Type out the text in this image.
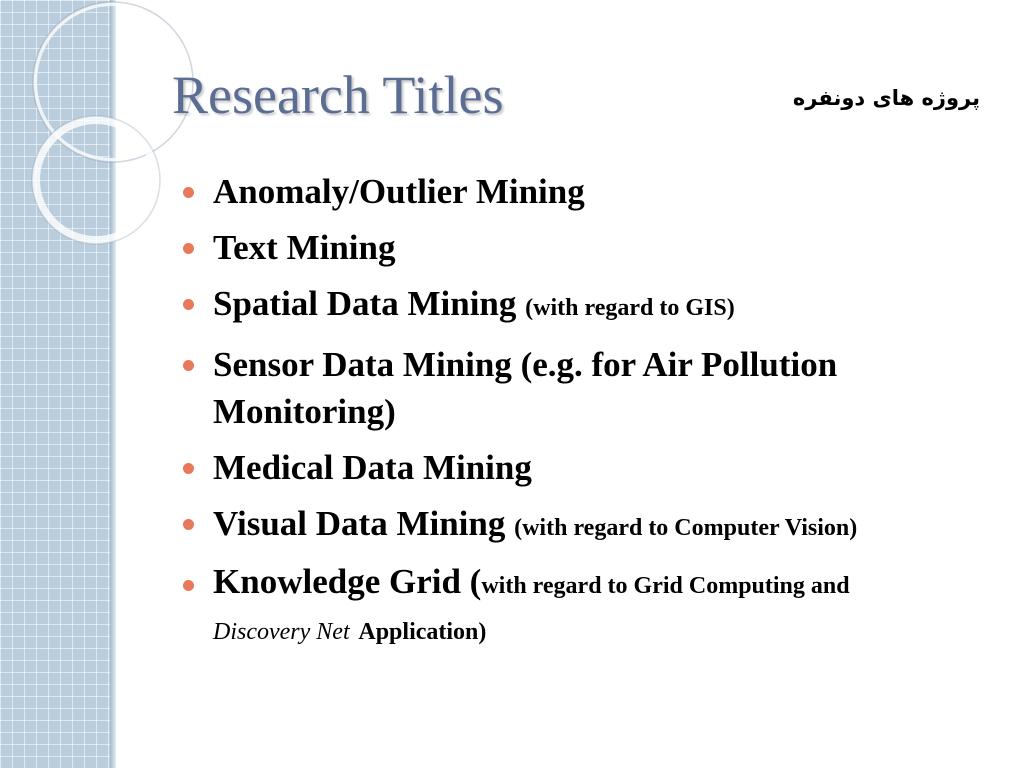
Research Titles	پروژه های دونفره
Anomaly/Outlier Mining
Text Mining
Spatial Data Mining (with regard to GIS)
Sensor Data Mining (e.g. for Air Pollution Monitoring)
Medical Data Mining
Visual Data Mining (with regard to Computer Vision)
Knowledge Grid (with regard to Grid Computing and
Discovery Net Application)
